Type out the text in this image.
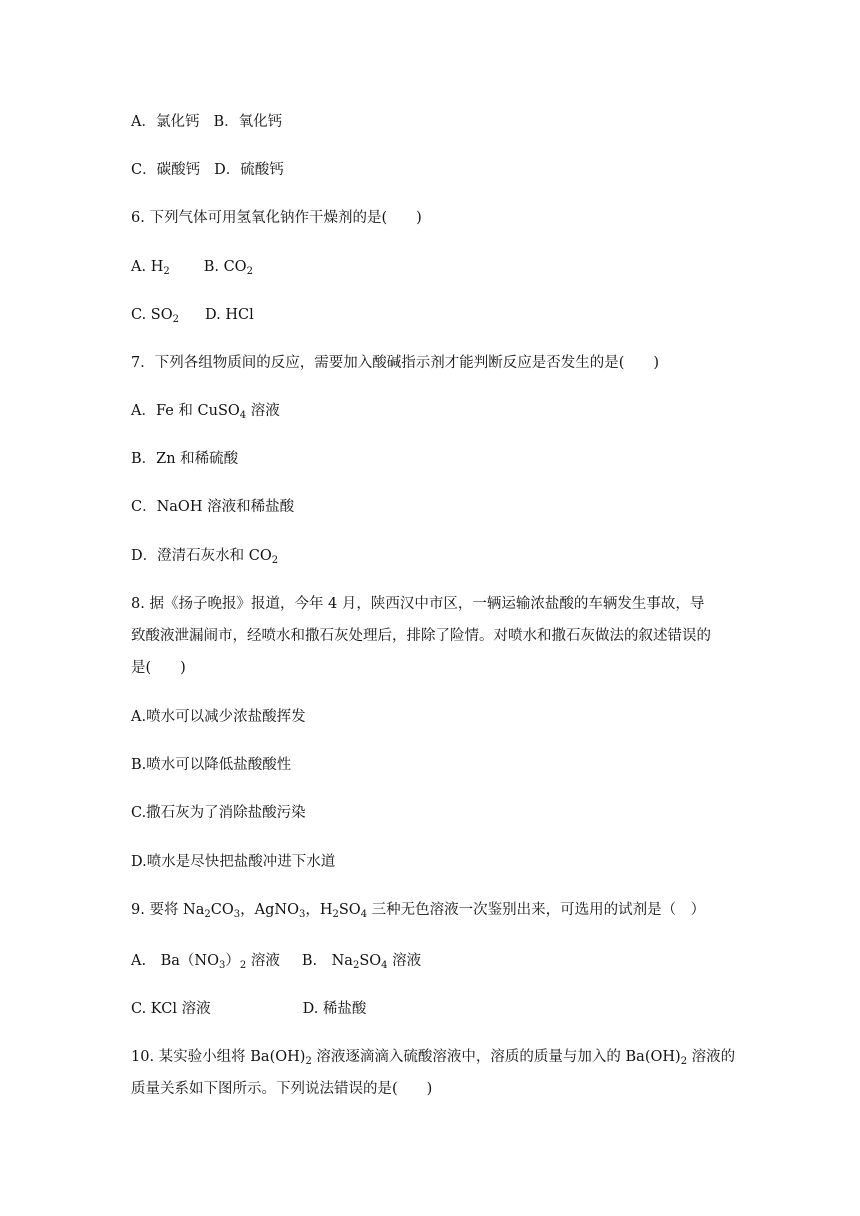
A．氯化钙 B．氧化钙
C．碳酸钙 D．硫酸钙
6. 下列气体可用氢氧化钠作干燥剂的是(　　)
A. $H_2$ B. $CO_2$
C. $SO_2$ D. HCl
7．下列各组物质间的反应，需要加入酸碱指示剂才能判断反应是否发生的是(　　)
A．Fe 和 CuSO$_4$ 溶液
B．Zn 和稀硫酸
C．NaOH 溶液和稀盐酸
D．澄清石灰水和 $CO_2$
8. 据《扬子晚报》报道，今年 4 月，陕西汉中市区，一辆运输浓盐酸的车辆发生事故，导
致酸液泄漏闹市，经喷水和撒石灰处理后，排除了险情。对喷水和撒石灰做法的叙述错误的
是(　　)
A.喷水可以减少浓盐酸挥发
B.喷水可以降低盐酸酸性
C.撒石灰为了消除盐酸污染
D.喷水是尽快把盐酸冲进下水道
9. 要将 $Na_2CO_3$，AgNO$_3$，$H_2SO_4$ 三种无色溶液一次鉴别出来，可选用的试剂是（　）
A.　$Ba(NO_3)_2$ 溶液 B.　$Na_2SO_4$ 溶液
C. KCl 溶液	D. 稀盐酸
10. 某实验小组将 $Ba(OH)_2$ 溶液逐滴滴入硫酸溶液中，溶质的质量与加入的 $Ba(OH)_2$ 溶液的
质量关系如下图所示。下列说法错误的是(　　)
